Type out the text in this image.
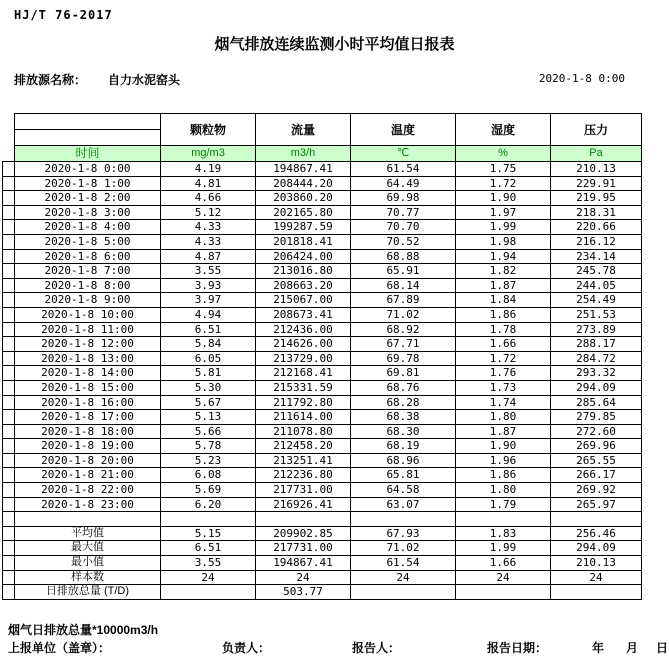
HJ/T 76-2017
烟气排放连续监测小时平均值日报表
排放源名称： 自力水泥窑头	2020-1-8 0:00
		颗粒物	流量	温度	湿度	压力

	时间	mg/m3	m3/h	℃	%	Pa
	2020-1-8 0:00	4.19	194867.41	61.54	1.75	210.13
	2020-1-8 1:00	4.81	208444.20	64.49	1.72	229.91
	2020-1-8 2:00	4.66	203860.20	69.98	1.90	219.95
	2020-1-8 3:00	5.12	202165.80	70.77	1.97	218.31
	2020-1-8 4:00	4.33	199287.59	70.70	1.99	220.66
	2020-1-8 5:00	4.33	201818.41	70.52	1.98	216.12
	2020-1-8 6:00	4.87	206424.00	68.88	1.94	234.14
	2020-1-8 7:00	3.55	213016.80	65.91	1.82	245.78
	2020-1-8 8:00	3.93	208663.20	68.14	1.87	244.05
	2020-1-8 9:00	3.97	215067.00	67.89	1.84	254.49
	2020-1-8 10:00	4.94	208673.41	71.02	1.86	251.53
	2020-1-8 11:00	6.51	212436.00	68.92	1.78	273.89
	2020-1-8 12:00	5.84	214626.00	67.71	1.66	288.17
	2020-1-8 13:00	6.05	213729.00	69.78	1.72	284.72
	2020-1-8 14:00	5.81	212168.41	69.81	1.76	293.32
	2020-1-8 15:00	5.30	215331.59	68.76	1.73	294.09
	2020-1-8 16:00	5.67	211792.80	68.28	1.74	285.64
	2020-1-8 17:00	5.13	211614.00	68.38	1.80	279.85
	2020-1-8 18:00	5.66	211078.80	68.30	1.87	272.60
	2020-1-8 19:00	5.78	212458.20	68.19	1.90	269.96
	2020-1-8 20:00	5.23	213251.41	68.96	1.96	265.55
	2020-1-8 21:00	6.08	212236.80	65.81	1.86	266.17
	2020-1-8 22:00	5.69	217731.00	64.58	1.80	269.92
	2020-1-8 23:00	6.20	216926.41	63.07	1.79	265.97

	平均值	5.15	209902.85	67.93	1.83	256.46
	最大值	6.51	217731.00	71.02	1.99	294.09
	最小值	3.55	194867.41	61.54	1.66	210.13
	样本数	24	24	24	24	24
	日排放总量 (T/D)		503.77			
烟气日排放总量*10000m3/h
上报单位（盖章）：	负责人：	报告人：	报告日期：	年 月 日
